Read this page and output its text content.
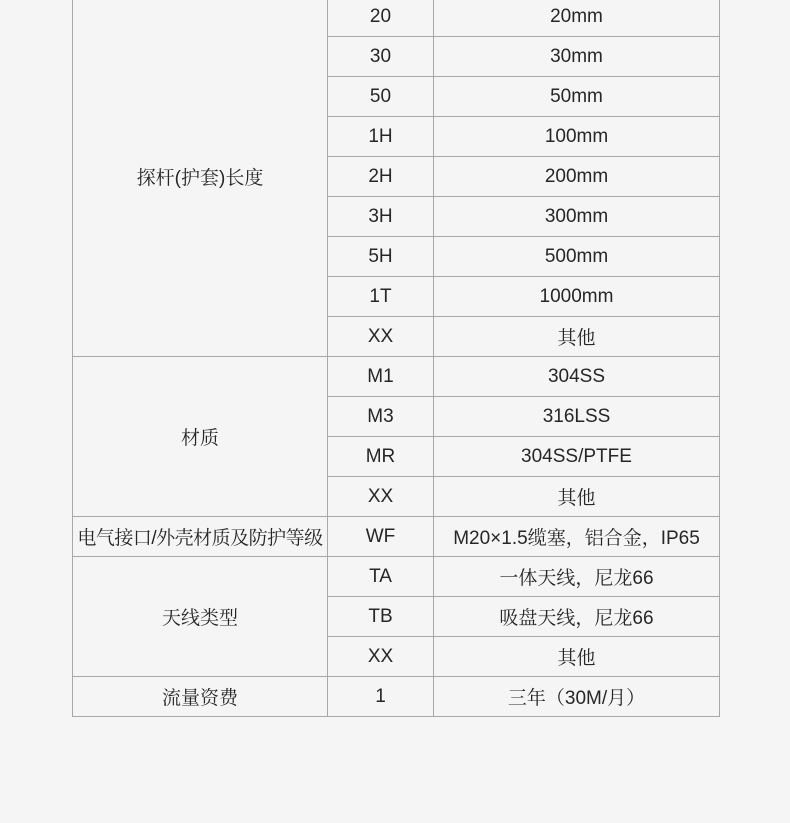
探杆(护套)长度	20	20mm
	30	30mm
	50	50mm
	1H	100mm
	2H	200mm
	3H	300mm
	5H	500mm
	1T	1000mm
	XX	其他
材质	M1	304SS
	M3	316LSS
	MR	304SS/PTFE
	XX	其他
电气接口/外壳材质及防护等级	WF	M20×1.5缆塞，铝合金，IP65
天线类型	TA	一体天线，尼龙66
	TB	吸盘天线，尼龙66
	XX	其他
流量资费	1	三年（30M/月）
